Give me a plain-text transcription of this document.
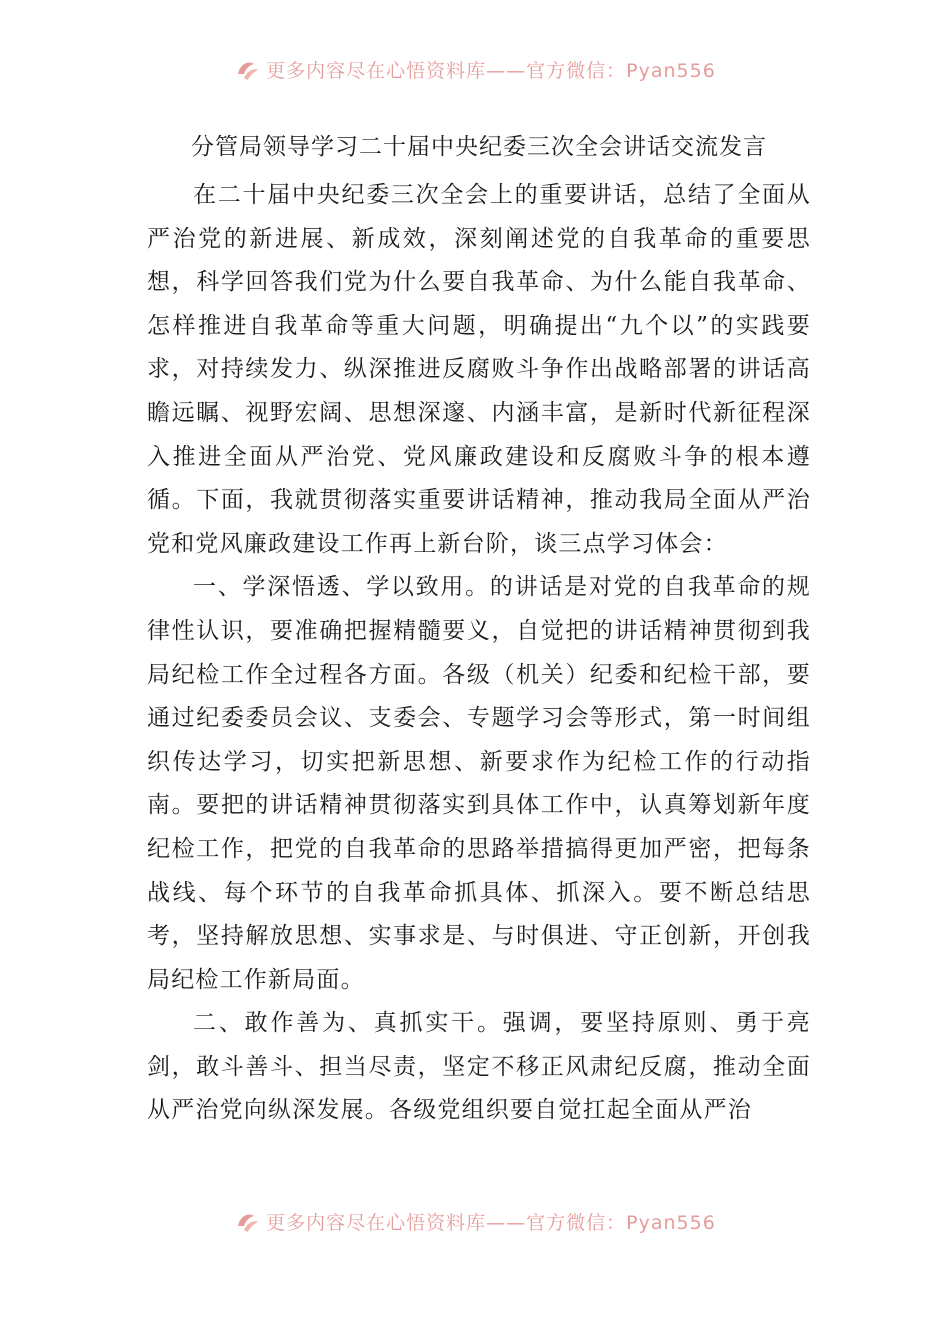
更多内容尽在心悟资料库——官方微信：Pyan556
分管局领导学习二十届中央纪委三次全会讲话交流发言

在二十届中央纪委三次全会上的重要讲话，总结了全面从严治党的新进展、新成效，深刻阐述党的自我革命的重要思想，科学回答我们党为什么要自我革命、为什么能自我革命、怎样推进自我革命等重大问题，明确提出“九个以”的实践要求，对持续发力、纵深推进反腐败斗争作出战略部署的讲话高瞻远瞩、视野宏阔、思想深邃、内涵丰富，是新时代新征程深入推进全面从严治党、党风廉政建设和反腐败斗争的根本遵循。下面，我就贯彻落实重要讲话精神，推动我局全面从严治党和党风廉政建设工作再上新台阶，谈三点学习体会：

一、学深悟透、学以致用。的讲话是对党的自我革命的规律性认识，要准确把握精髓要义，自觉把的讲话精神贯彻到我局纪检工作全过程各方面。各级（机关）纪委和纪检干部，要通过纪委委员会议、支委会、专题学习会等形式，第一时间组织传达学习，切实把新思想、新要求作为纪检工作的行动指南。要把的讲话精神贯彻落实到具体工作中，认真筹划新年度纪检工作，把党的自我革命的思路举措搞得更加严密，把每条战线、每个环节的自我革命抓具体、抓深入。要不断总结思考，坚持解放思想、实事求是、与时俱进、守正创新，开创我局纪检工作新局面。

二、敢作善为、真抓实干。强调，要坚持原则、勇于亮剑，敢斗善斗、担当尽责，坚定不移正风肃纪反腐，推动全面从严治党向纵深发展。各级党组织要自觉扛起全面从严治

更多内容尽在心悟资料库——官方微信：Pyan556
